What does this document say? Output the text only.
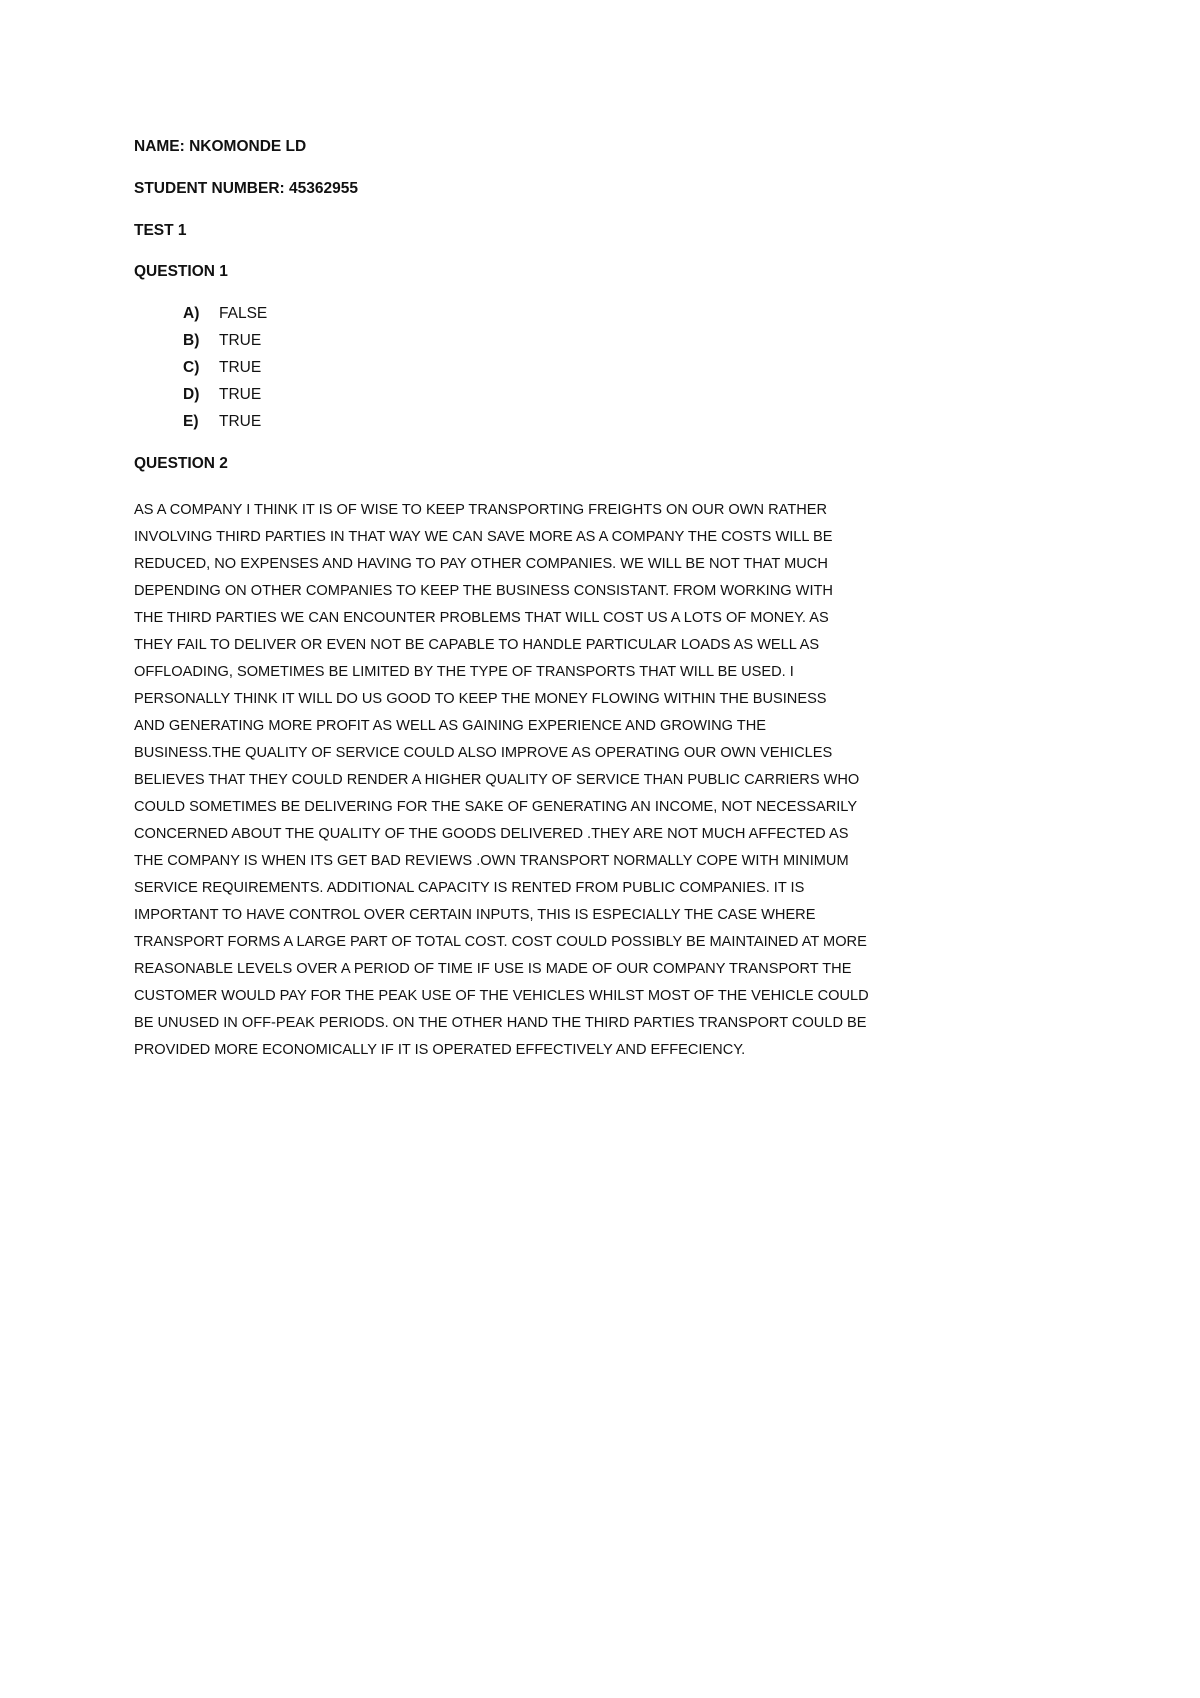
NAME: NKOMONDE LD
STUDENT NUMBER: 45362955
TEST 1
QUESTION 1
A) FALSE
B) TRUE
C) TRUE
D) TRUE
E) TRUE
QUESTION 2
AS A COMPANY I THINK IT IS OF WISE TO KEEP TRANSPORTING FREIGHTS ON OUR OWN RATHER
INVOLVING THIRD PARTIES IN THAT WAY WE CAN SAVE MORE AS A COMPANY THE COSTS WILL BE
REDUCED, NO EXPENSES AND HAVING TO PAY OTHER COMPANIES. WE WILL BE NOT THAT MUCH
DEPENDING ON OTHER COMPANIES TO KEEP THE BUSINESS CONSISTANT. FROM WORKING WITH
THE THIRD PARTIES WE CAN ENCOUNTER PROBLEMS THAT WILL COST US A LOTS OF MONEY. AS
THEY FAIL TO DELIVER OR EVEN NOT BE CAPABLE TO HANDLE PARTICULAR LOADS AS WELL AS
OFFLOADING, SOMETIMES BE LIMITED BY THE TYPE OF TRANSPORTS THAT WILL BE USED. I
PERSONALLY THINK IT WILL DO US GOOD TO KEEP THE MONEY FLOWING WITHIN THE BUSINESS
AND GENERATING MORE PROFIT AS WELL AS GAINING EXPERIENCE AND GROWING THE
BUSINESS.THE QUALITY OF SERVICE COULD ALSO IMPROVE AS OPERATING OUR OWN VEHICLES
BELIEVES THAT THEY COULD RENDER A HIGHER QUALITY OF SERVICE THAN PUBLIC CARRIERS WHO
COULD SOMETIMES BE DELIVERING FOR THE SAKE OF GENERATING AN INCOME, NOT NECESSARILY
CONCERNED ABOUT THE QUALITY OF THE GOODS DELIVERED .THEY ARE NOT MUCH AFFECTED AS
THE COMPANY IS WHEN ITS GET BAD REVIEWS .OWN TRANSPORT NORMALLY COPE WITH MINIMUM
SERVICE REQUIREMENTS. ADDITIONAL CAPACITY IS RENTED FROM PUBLIC COMPANIES. IT IS
IMPORTANT TO HAVE CONTROL OVER CERTAIN INPUTS, THIS IS ESPECIALLY THE CASE WHERE
TRANSPORT FORMS A LARGE PART OF TOTAL COST. COST COULD POSSIBLY BE MAINTAINED AT MORE
REASONABLE LEVELS OVER A PERIOD OF TIME IF USE IS MADE OF OUR COMPANY TRANSPORT THE
CUSTOMER WOULD PAY FOR THE PEAK USE OF THE VEHICLES WHILST MOST OF THE VEHICLE COULD
BE UNUSED IN OFF-PEAK PERIODS. ON THE OTHER HAND THE THIRD PARTIES TRANSPORT COULD BE
PROVIDED MORE ECONOMICALLY IF IT IS OPERATED EFFECTIVELY AND EFFECIENCY.
